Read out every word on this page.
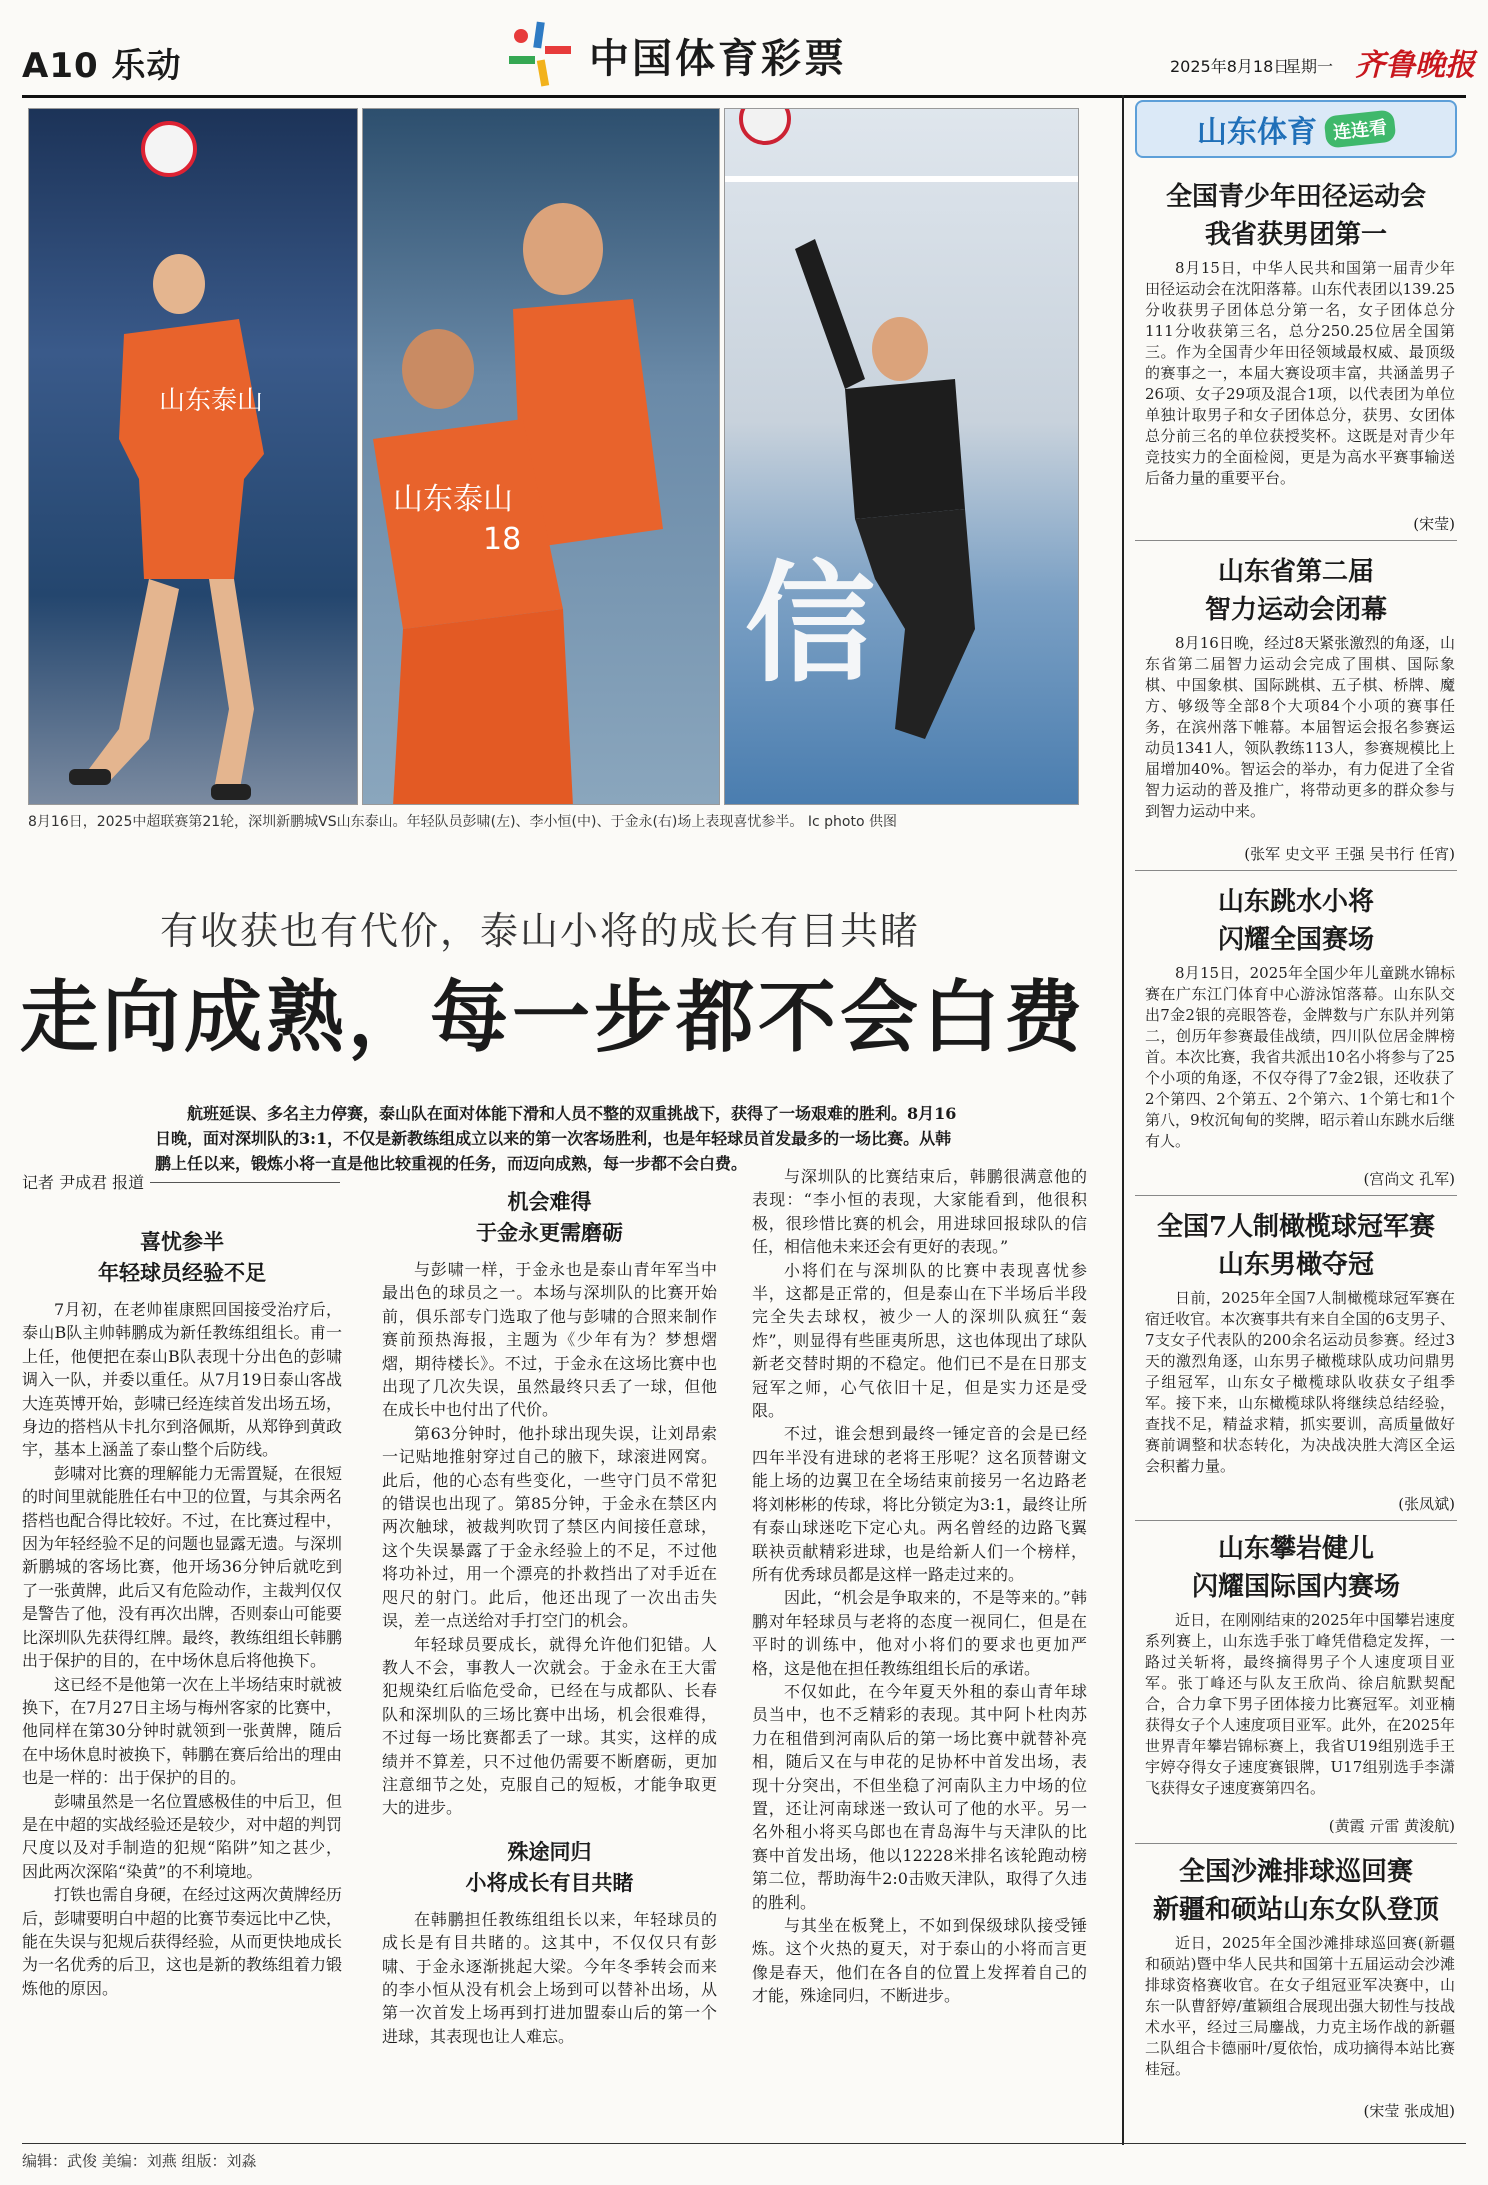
A10 乐动	中国体育彩票	2025年8月18日
星期一 齐鲁晚报
山东泰山
山东泰山
18
信
8月16日，2025中超联赛第21轮，深圳新鹏城VS山东泰山。年轻队员彭啸(左)、李小恒(中)、于金永(右)场上表现喜忧参半。 Ic photo 供图
有收获也有代价，泰山小将的成长有目共睹
走向成熟，每一步都不会白费
航班延误、多名主力停赛，泰山队在面对体能下滑和人员不整的双重挑战下，获得了一场艰难的胜利。8月16日晚，面对深圳队的3:1，不仅是新教练组成立以来的第一次客场胜利，也是年轻球员首发最多的一场比赛。从韩鹏上任以来，锻炼小将一直是他比较重视的任务，而迈向成熟，每一步都不会白费。
记者 尹成君 报道
喜忧参半
年轻球员经验不足

7月初，在老帅崔康熙回国接受治疗后，泰山B队主帅韩鹏成为新任教练组组长。甫一上任，他便把在泰山B队表现十分出色的彭啸调入一队，并委以重任。从7月19日泰山客战大连英博开始，彭啸已经连续首发出场五场，身边的搭档从卡扎尔到洛佩斯，从郑铮到黄政宇，基本上涵盖了泰山整个后防线。

彭啸对比赛的理解能力无需置疑，在很短的时间里就能胜任右中卫的位置，与其余两名搭档也配合得比较好。不过，在比赛过程中，因为年轻经验不足的问题也显露无遗。与深圳新鹏城的客场比赛，他开场36分钟后就吃到了一张黄牌，此后又有危险动作，主裁判仅仅是警告了他，没有再次出牌，否则泰山可能要比深圳队先获得红牌。最终，教练组组长韩鹏出于保护的目的，在中场休息后将他换下。

这已经不是他第一次在上半场结束时就被换下，在7月27日主场与梅州客家的比赛中，他同样在第30分钟时就领到一张黄牌，随后在中场休息时被换下，韩鹏在赛后给出的理由也是一样的：出于保护的目的。

彭啸虽然是一名位置感极佳的中后卫，但是在中超的实战经验还是较少，对中超的判罚尺度以及对手制造的犯规“陷阱”知之甚少，因此两次深陷“染黄”的不利境地。

打铁也需自身硬，在经过这两次黄牌经历后，彭啸要明白中超的比赛节奏远比中乙快，能在失误与犯规后获得经验，从而更快地成长为一名优秀的后卫，这也是新的教练组着力锻炼他的原因。

机会难得
于金永更需磨砺

与彭啸一样，于金永也是泰山青年军当中最出色的球员之一。本场与深圳队的比赛开始前，俱乐部专门选取了他与彭啸的合照来制作赛前预热海报，主题为《少年有为？梦想熠熠，期待楼长》。不过，于金永在这场比赛中也出现了几次失误，虽然最终只丢了一球，但他在成长中也付出了代价。

第63分钟时，他扑球出现失误，让刘昂索一记贴地推射穿过自己的腋下，球滚进网窝。此后，他的心态有些变化，一些守门员不常犯的错误也出现了。第85分钟，于金永在禁区内两次触球，被裁判吹罚了禁区内间接任意球，这个失误暴露了于金永经验上的不足，不过他将功补过，用一个漂亮的扑救挡出了对手近在咫尺的射门。此后，他还出现了一次出击失误，差一点送给对手打空门的机会。

年轻球员要成长，就得允许他们犯错。人教人不会，事教人一次就会。于金永在王大雷犯规染红后临危受命，已经在与成都队、长春队和深圳队的三场比赛中出场，机会很难得，不过每一场比赛都丢了一球。其实，这样的成绩并不算差，只不过他仍需要不断磨砺，更加注意细节之处，克服自己的短板，才能争取更大的进步。

殊途同归
小将成长有目共睹

在韩鹏担任教练组组长以来，年轻球员的成长是有目共睹的。这其中，不仅仅只有彭啸、于金永逐渐挑起大梁。今年冬季转会而来的李小恒从没有机会上场到可以替补出场，从第一次首发上场再到打进加盟泰山后的第一个进球，其表现也让人难忘。

与深圳队的比赛结束后，韩鹏很满意他的表现：“李小恒的表现，大家能看到，他很积极，很珍惜比赛的机会，用进球回报球队的信任，相信他未来还会有更好的表现。”

小将们在与深圳队的比赛中表现喜忧参半，这都是正常的，但是泰山在下半场后半段完全失去球权，被少一人的深圳队疯狂“轰炸”，则显得有些匪夷所思，这也体现出了球队新老交替时期的不稳定。他们已不是在日那支冠军之师，心气依旧十足，但是实力还是受限。

不过，谁会想到最终一锤定音的会是已经四年半没有进球的老将王彤呢？这名顶替谢文能上场的边翼卫在全场结束前接另一名边路老将刘彬彬的传球，将比分锁定为3:1，最终让所有泰山球迷吃下定心丸。两名曾经的边路飞翼联袂贡献精彩进球，也是给新人们一个榜样，所有优秀球员都是这样一路走过来的。

因此，“机会是争取来的，不是等来的。”韩鹏对年轻球员与老将的态度一视同仁，但是在平时的训练中，他对小将们的要求也更加严格，这是他在担任教练组组长后的承诺。

不仅如此，在今年夏天外租的泰山青年球员当中，也不乏精彩的表现。其中阿卜杜肉苏力在租借到河南队后的第一场比赛中就替补亮相，随后又在与申花的足协杯中首发出场，表现十分突出，不但坐稳了河南队主力中场的位置，还让河南球迷一致认可了他的水平。另一名外租小将买乌郎也在青岛海牛与天津队的比赛中首发出场，他以12228米排名该轮跑动榜第二位，帮助海牛2:0击败天津队，取得了久违的胜利。

与其坐在板凳上，不如到保级球队接受锤炼。这个火热的夏天，对于泰山的小将而言更像是春天，他们在各自的位置上发挥着自己的才能，殊途同归，不断进步。

山东体育 连连看
全国青少年田径运动会
我省获男团第一
8月15日，中华人民共和国第一届青少年田径运动会在沈阳落幕。山东代表团以139.25分收获男子团体总分第一名，女子团体总分111分收获第三名，总分250.25位居全国第三。作为全国青少年田径领域最权威、最顶级的赛事之一，本届大赛设项丰富，共涵盖男子26项、女子29项及混合1项，以代表团为单位单独计取男子和女子团体总分，获男、女团体总分前三名的单位获授奖杯。这既是对青少年竞技实力的全面检阅，更是为高水平赛事输送后备力量的重要平台。
(宋莹)
山东省第二届
智力运动会闭幕
8月16日晚，经过8天紧张激烈的角逐，山东省第二届智力运动会完成了围棋、国际象棋、中国象棋、国际跳棋、五子棋、桥牌、魔方、够级等全部8个大项84个小项的赛事任务，在滨州落下帷幕。本届智运会报名参赛运动员1341人，领队教练113人，参赛规模比上届增加40%。智运会的举办，有力促进了全省智力运动的普及推广，将带动更多的群众参与到智力运动中来。
(张军 史文平 王强 吴书行 任宵)
山东跳水小将
闪耀全国赛场
8月15日，2025年全国少年儿童跳水锦标赛在广东江门体育中心游泳馆落幕。山东队交出7金2银的亮眼答卷，金牌数与广东队并列第二，创历年参赛最佳战绩，四川队位居金牌榜首。本次比赛，我省共派出10名小将参与了25个小项的角逐，不仅夺得了7金2银，还收获了2个第四、2个第五、2个第六、1个第七和1个第八，9枚沉甸甸的奖牌，昭示着山东跳水后继有人。
(宫尚文 孔军)
全国7人制橄榄球冠军赛
山东男橄夺冠
日前，2025年全国7人制橄榄球冠军赛在宿迁收官。本次赛事共有来自全国的6支男子、7支女子代表队的200余名运动员参赛。经过3天的激烈角逐，山东男子橄榄球队成功问鼎男子组冠军，山东女子橄榄球队收获女子组季军。接下来，山东橄榄球队将继续总结经验，查找不足，精益求精，抓实要训，高质量做好赛前调整和状态转化，为决战决胜大湾区全运会积蓄力量。
(张凤斌)
山东攀岩健儿
闪耀国际国内赛场
近日，在刚刚结束的2025年中国攀岩速度系列赛上，山东选手张丁峰凭借稳定发挥，一路过关斩将，最终摘得男子个人速度项目亚军。张丁峰还与队友王欣尚、徐启航默契配合，合力拿下男子团体接力比赛冠军。刘亚楠获得女子个人速度项目亚军。此外，在2025年世界青年攀岩锦标赛上，我省U19组别选手王宇婷夺得女子速度赛银牌，U17组别选手李潇飞获得女子速度赛第四名。
(黄霞 亓雷 黄浚航)
全国沙滩排球巡回赛
新疆和硕站山东女队登顶
近日，2025年全国沙滩排球巡回赛(新疆和硕站)暨中华人民共和国第十五届运动会沙滩排球资格赛收官。在女子组冠亚军决赛中，山东一队曹舒婷/董颖组合展现出强大韧性与技战术水平，经过三局鏖战，力克主场作战的新疆二队组合卡德丽叶/夏依怡，成功摘得本站比赛桂冠。
(宋莹 张成旭)
编辑：武俊 美编：刘燕 组版：刘淼
